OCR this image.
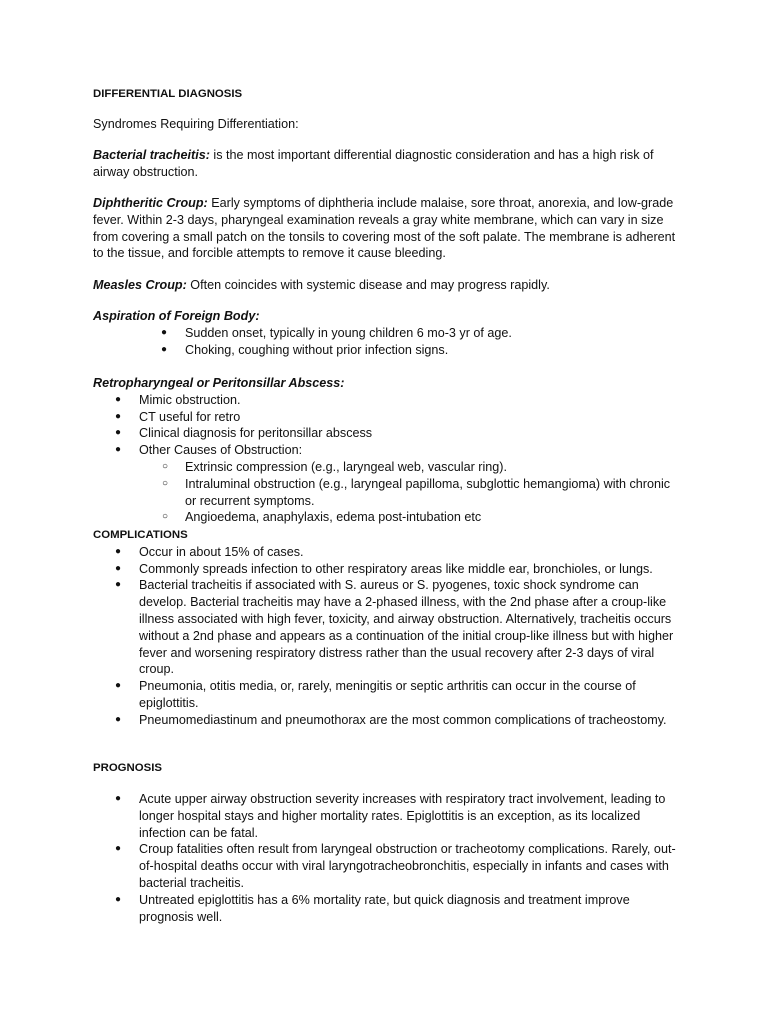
DIFFERENTIAL DIAGNOSIS
Syndromes Requiring Differentiation:
Bacterial tracheitis: is the most important differential diagnostic consideration and has a high risk of airway obstruction.
Diphtheritic Croup: Early symptoms of diphtheria include malaise, sore throat, anorexia, and low-grade fever. Within 2-3 days, pharyngeal examination reveals a gray white membrane, which can vary in size from covering a small patch on the tonsils to covering most of the soft palate. The membrane is adherent to the tissue, and forcible attempts to remove it cause bleeding.
Measles Croup: Often coincides with systemic disease and may progress rapidly.
Aspiration of Foreign Body:
● Sudden onset, typically in young children 6 mo-3 yr of age.
● Choking, coughing without prior infection signs.
Retropharyngeal or Peritonsillar Abscess:
● Mimic obstruction.
● CT useful for retro
● Clinical diagnosis for peritonsillar abscess
● Other Causes of Obstruction:
○ Extrinsic compression (e.g., laryngeal web, vascular ring).
○ Intraluminal obstruction (e.g., laryngeal papilloma, subglottic hemangioma) with chronic or recurrent symptoms.
○ Angioedema, anaphylaxis, edema post-intubation etc
COMPLICATIONS
● Occur in about 15% of cases.
● Commonly spreads infection to other respiratory areas like middle ear, bronchioles, or lungs.
● Bacterial tracheitis if associated with S. aureus or S. pyogenes, toxic shock syndrome can develop. Bacterial tracheitis may have a 2-phased illness, with the 2nd phase after a croup-like illness associated with high fever, toxicity, and airway obstruction. Alternatively, tracheitis occurs without a 2nd phase and appears as a continuation of the initial croup-like illness but with higher fever and worsening respiratory distress rather than the usual recovery after 2-3 days of viral croup.
● Pneumonia, otitis media, or, rarely, meningitis or septic arthritis can occur in the course of epiglottitis.
● Pneumomediastinum and pneumothorax are the most common complications of tracheostomy.
PROGNOSIS
● Acute upper airway obstruction severity increases with respiratory tract involvement, leading to longer hospital stays and higher mortality rates. Epiglottitis is an exception, as its localized infection can be fatal.
● Croup fatalities often result from laryngeal obstruction or tracheotomy complications. Rarely, out-of-hospital deaths occur with viral laryngotracheobronchitis, especially in infants and cases with bacterial tracheitis.
● Untreated epiglottitis has a 6% mortality rate, but quick diagnosis and treatment improve prognosis well.
